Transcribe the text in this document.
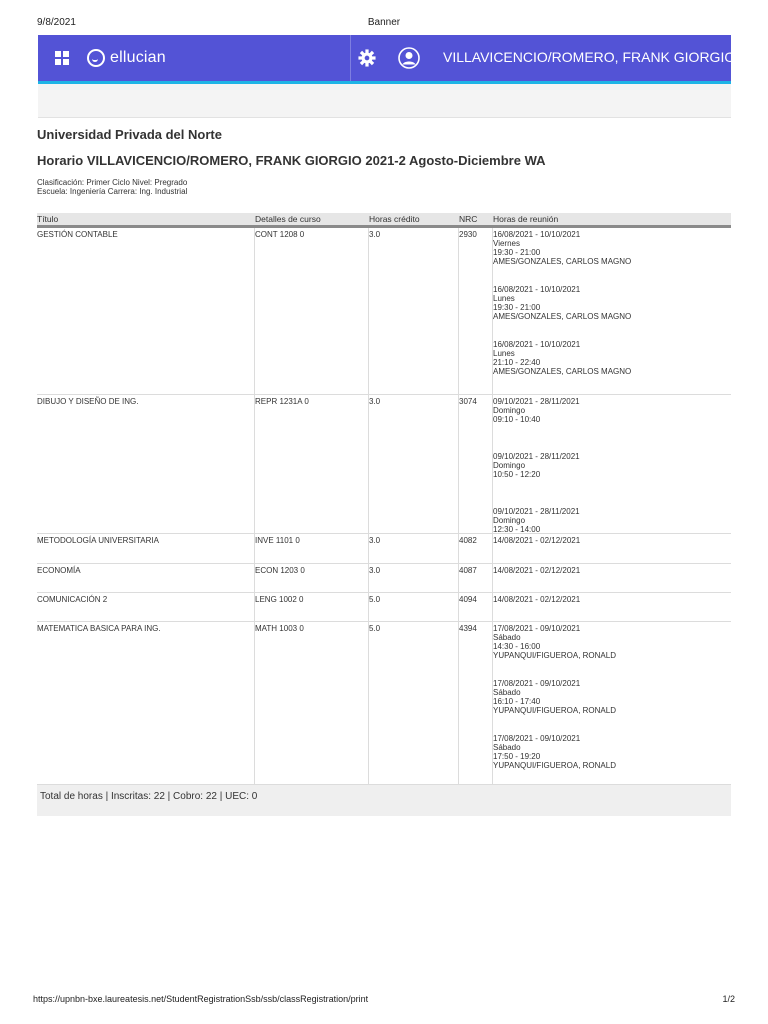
9/8/2021	Banner
ellucian	VILLAVICENCIO/ROMERO, FRANK GIORGIO
Universidad Privada del Norte
Horario VILLAVICENCIO/ROMERO, FRANK GIORGIO 2021-2 Agosto-Diciembre WA
Clasificación: Primer Ciclo Nivel: Pregrado
Escuela: Ingeniería Carrera: Ing. Industrial
Título	Detalles de curso	Horas crédito	NRC Horas de reunión
GESTIÓN CONTABLE	CONT 1208 0	3.0	2930 16/08/2021 - 10/10/2021
Viernes
19:30 - 21:00
AMES/GONZALES, CARLOS MAGNO
16/08/2021 - 10/10/2021
Lunes
19:30 - 21:00
AMES/GONZALES, CARLOS MAGNO
16/08/2021 - 10/10/2021
Lunes
21:10 - 22:40
AMES/GONZALES, CARLOS MAGNO
DIBUJO Y DISEÑO DE ING.	REPR 1231A 0	3.0	3074 09/10/2021 - 28/11/2021
Domingo
09:10 - 10:40
09/10/2021 - 28/11/2021
Domingo
10:50 - 12:20
09/10/2021 - 28/11/2021
Domingo
12:30 - 14:00
METODOLOGÍA UNIVERSITARIA	INVE 1101 0	3.0	4082 14/08/2021 - 02/12/2021
ECONOMÍA	ECON 1203 0	3.0	4087 14/08/2021 - 02/12/2021
COMUNICACIÓN 2	LENG 1002 0	5.0	4094 14/08/2021 - 02/12/2021
MATEMATICA BASICA PARA ING.	MATH 1003 0	5.0	4394 17/08/2021 - 09/10/2021
Sábado
14:30 - 16:00
YUPANQUI/FIGUEROA, RONALD
17/08/2021 - 09/10/2021
Sábado
16:10 - 17:40
YUPANQUI/FIGUEROA, RONALD
17/08/2021 - 09/10/2021
Sábado
17:50 - 19:20
YUPANQUI/FIGUEROA, RONALD
Total de horas | Inscritas: 22 | Cobro: 22 | UEC: 0
https://upnbn-bxe.laureatesis.net/StudentRegistrationSsb/ssb/classRegistration/print	1/2
